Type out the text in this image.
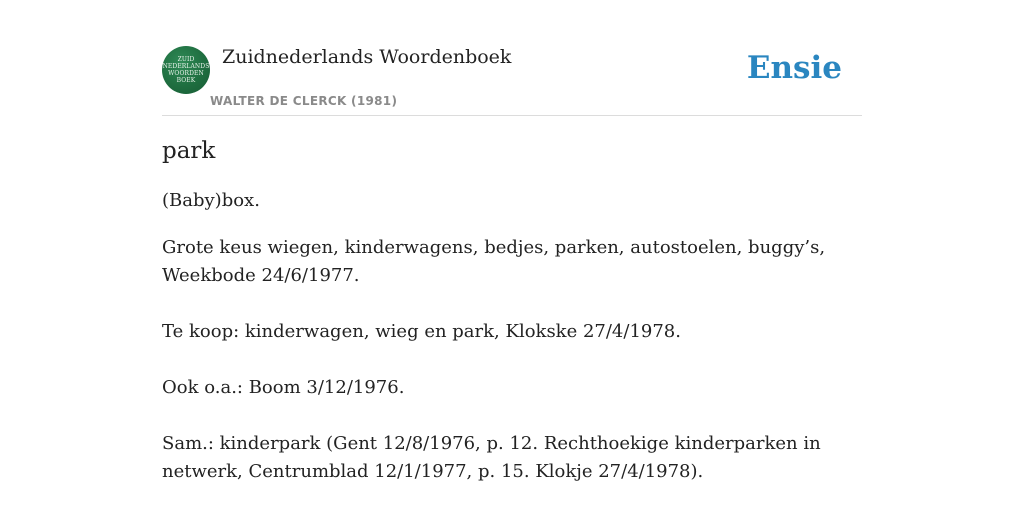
ZUID
NEDERLANDS
WOORDEN
BOEK
Zuidnederlands Woordenboek
WALTER DE CLERCK (1981)
Ensie
park

(Baby)box.

Grote keus wiegen, kinderwagens, bedjes, parken, autostoelen, buggy’s, Weekbode 24/6/1977.

Te koop: kinderwagen, wieg en park, Klokske 27/4/1978.

Ook o.a.: Boom 3/12/1976.

Sam.: kinderpark (Gent 12/8/1976, p. 12. Rechthoekige kinderparken in netwerk, Centrumblad 12/1/1977, p. 15. Klokje 27/4/1978).
